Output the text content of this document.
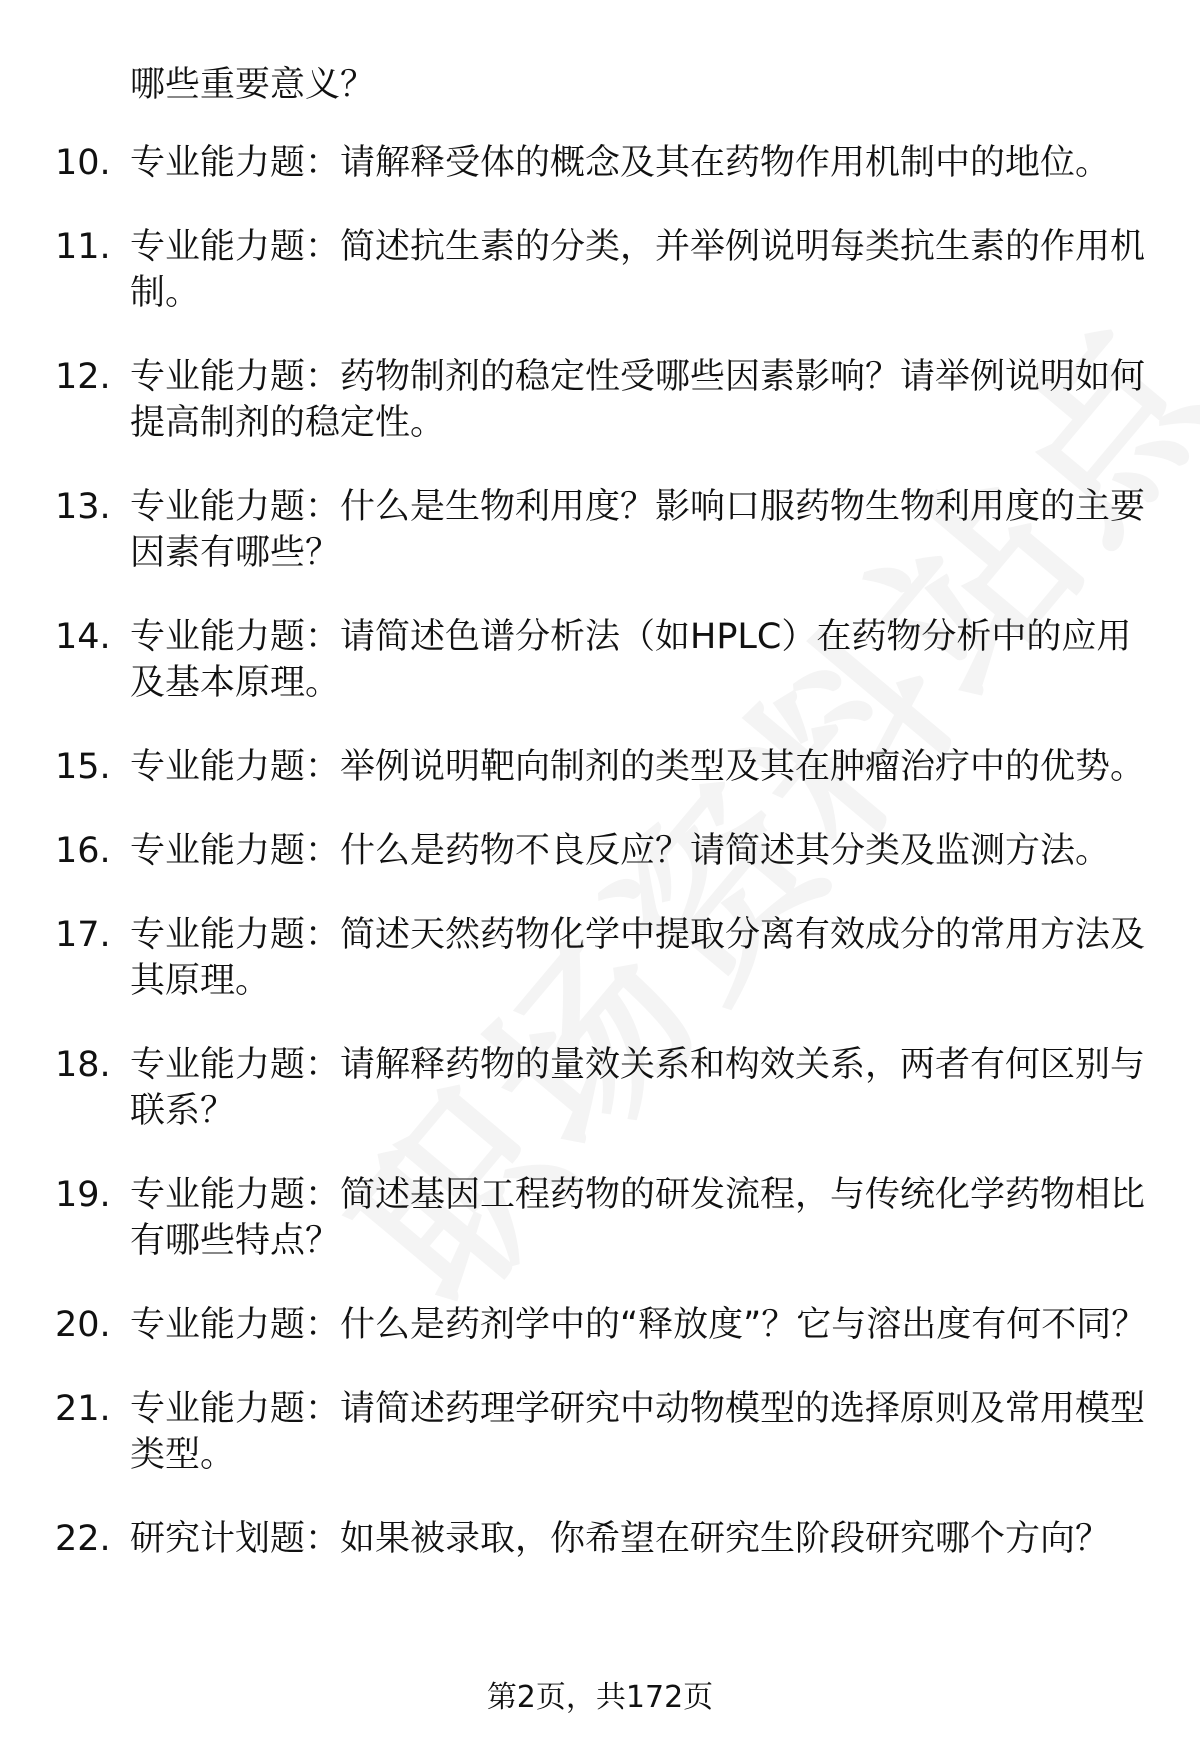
哪些重要意义？
10. 专业能力题：请解释受体的概念及其在药物作用机制中的地位。
11. 专业能力题：简述抗生素的分类，并举例说明每类抗生素的作用机制。
12. 专业能力题：药物制剂的稳定性受哪些因素影响？请举例说明如何提高制剂的稳定性。
13. 专业能力题：什么是生物利用度？影响口服药物生物利用度的主要因素有哪些？
14. 专业能力题：请简述色谱分析法（如HPLC）在药物分析中的应用及基本原理。
15. 专业能力题：举例说明靶向制剂的类型及其在肿瘤治疗中的优势。
16. 专业能力题：什么是药物不良反应？请简述其分类及监测方法。
17. 专业能力题：简述天然药物化学中提取分离有效成分的常用方法及其原理。
18. 专业能力题：请解释药物的量效关系和构效关系，两者有何区别与联系？
19. 专业能力题：简述基因工程药物的研发流程，与传统化学药物相比有哪些特点？
20. 专业能力题：什么是药剂学中的“释放度”？它与溶出度有何不同？
21. 专业能力题：请简述药理学研究中动物模型的选择原则及常用模型类型。
22. 研究计划题：如果被录取，你希望在研究生阶段研究哪个方向？
第2页，共172页
